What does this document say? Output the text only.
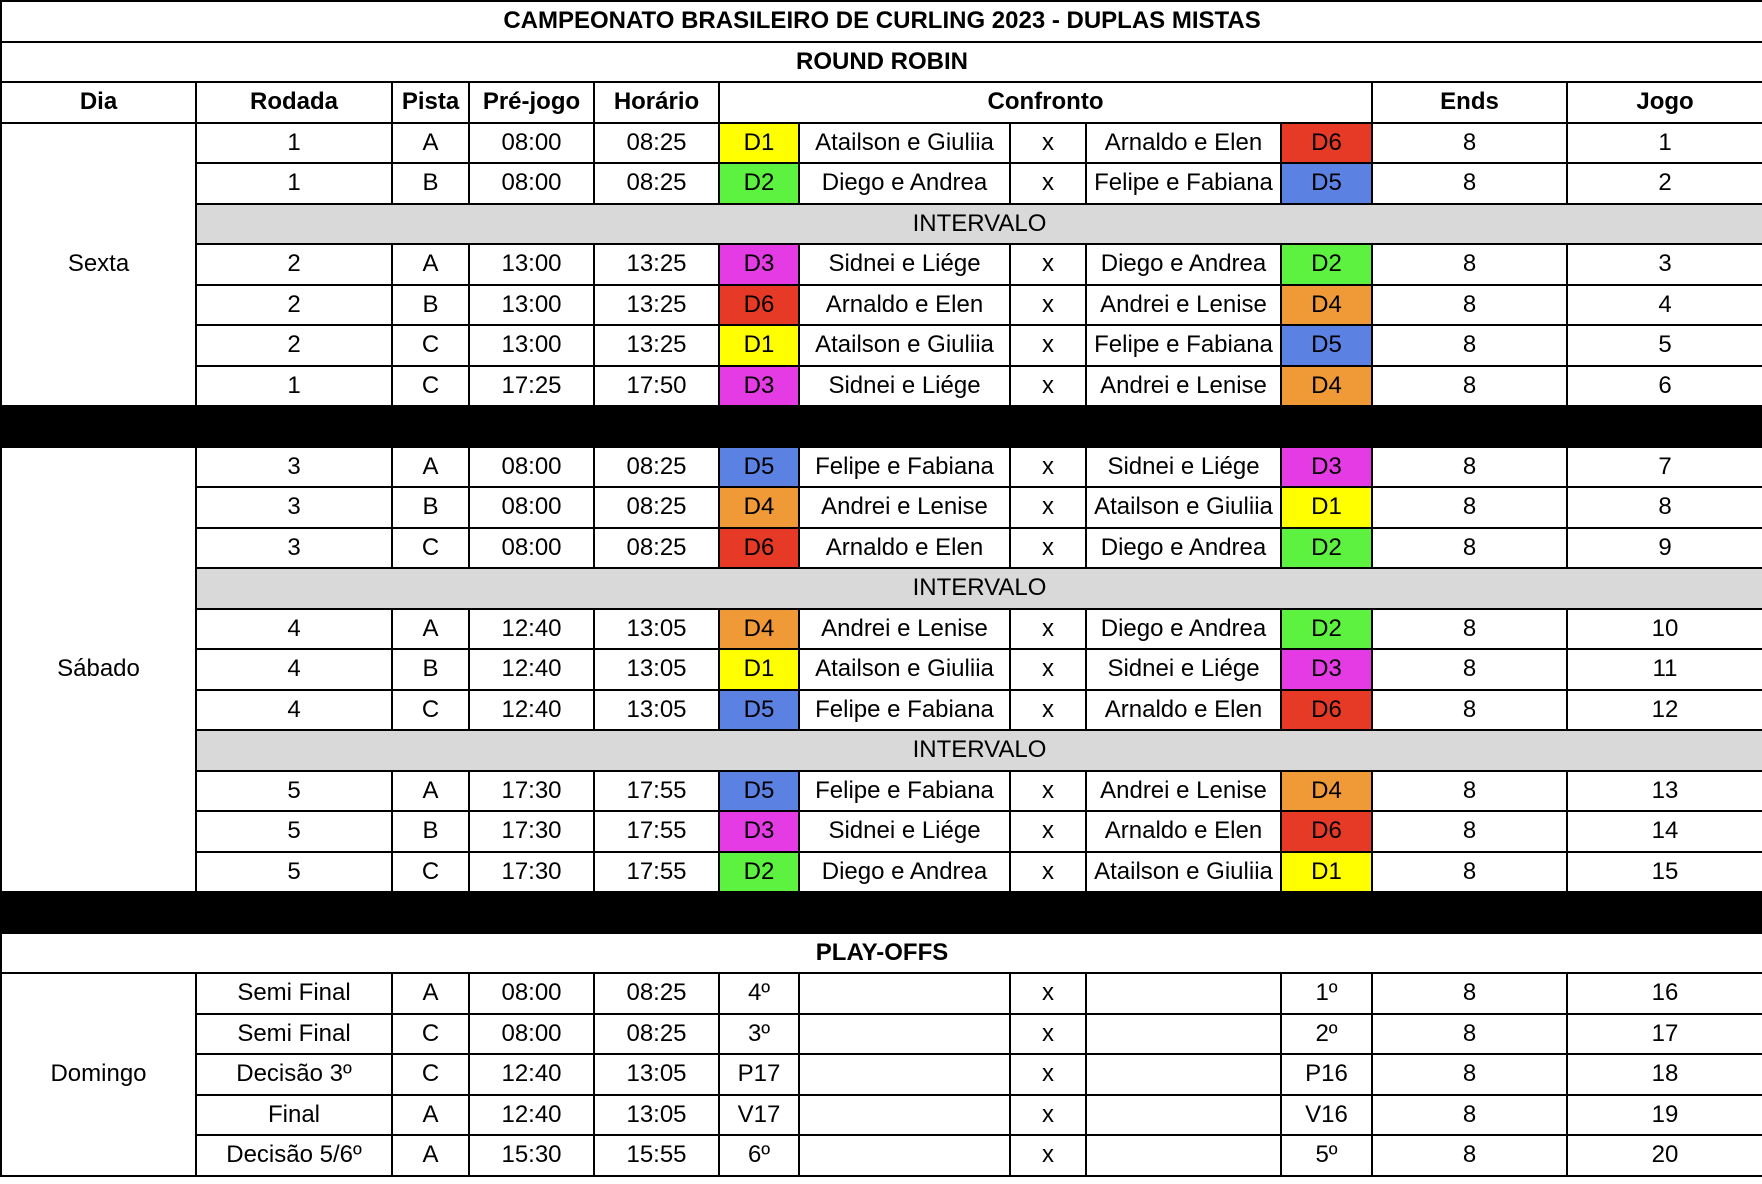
CAMPEONATO BRASILEIRO DE CURLING 2023 - DUPLAS MISTAS											
ROUND ROBIN											
Dia	Rodada	Pista	Pré-jogo	Horário	Confronto					Ends	Jogo
Sexta	1	A	08:00	08:25	D1	Atailson e Giuliia	x	Arnaldo e Elen	D6	8	1
	1	B	08:00	08:25	D2	Diego e Andrea	x	Felipe e Fabiana	D5	8	2
	INTERVALO										
	2	A	13:00	13:25	D3	Sidnei e Liége	x	Diego e Andrea	D2	8	3
	2	B	13:00	13:25	D6	Arnaldo e Elen	x	Andrei e Lenise	D4	8	4
	2	C	13:00	13:25	D1	Atailson e Giuliia	x	Felipe e Fabiana	D5	8	5
	1	C	17:25	17:50	D3	Sidnei e Liége	x	Andrei e Lenise	D4	8	6

Sábado	3	A	08:00	08:25	D5	Felipe e Fabiana	x	Sidnei e Liége	D3	8	7
	3	B	08:00	08:25	D4	Andrei e Lenise	x	Atailson e Giuliia	D1	8	8
	3	C	08:00	08:25	D6	Arnaldo e Elen	x	Diego e Andrea	D2	8	9
	INTERVALO										
	4	A	12:40	13:05	D4	Andrei e Lenise	x	Diego e Andrea	D2	8	10
	4	B	12:40	13:05	D1	Atailson e Giuliia	x	Sidnei e Liége	D3	8	11
	4	C	12:40	13:05	D5	Felipe e Fabiana	x	Arnaldo e Elen	D6	8	12
	INTERVALO										
	5	A	17:30	17:55	D5	Felipe e Fabiana	x	Andrei e Lenise	D4	8	13
	5	B	17:30	17:55	D3	Sidnei e Liége	x	Arnaldo e Elen	D6	8	14
	5	C	17:30	17:55	D2	Diego e Andrea	x	Atailson e Giuliia	D1	8	15

PLAY-OFFS											
Domingo	Semi Final	A	08:00	08:25	4º		x		1º	8	16
	Semi Final	C	08:00	08:25	3º		x		2º	8	17
	Decisão 3º	C	12:40	13:05	P17		x		P16	8	18
	Final	A	12:40	13:05	V17		x		V16	8	19
	Decisão 5/6º	A	15:30	15:55	6º		x		5º	8	20
